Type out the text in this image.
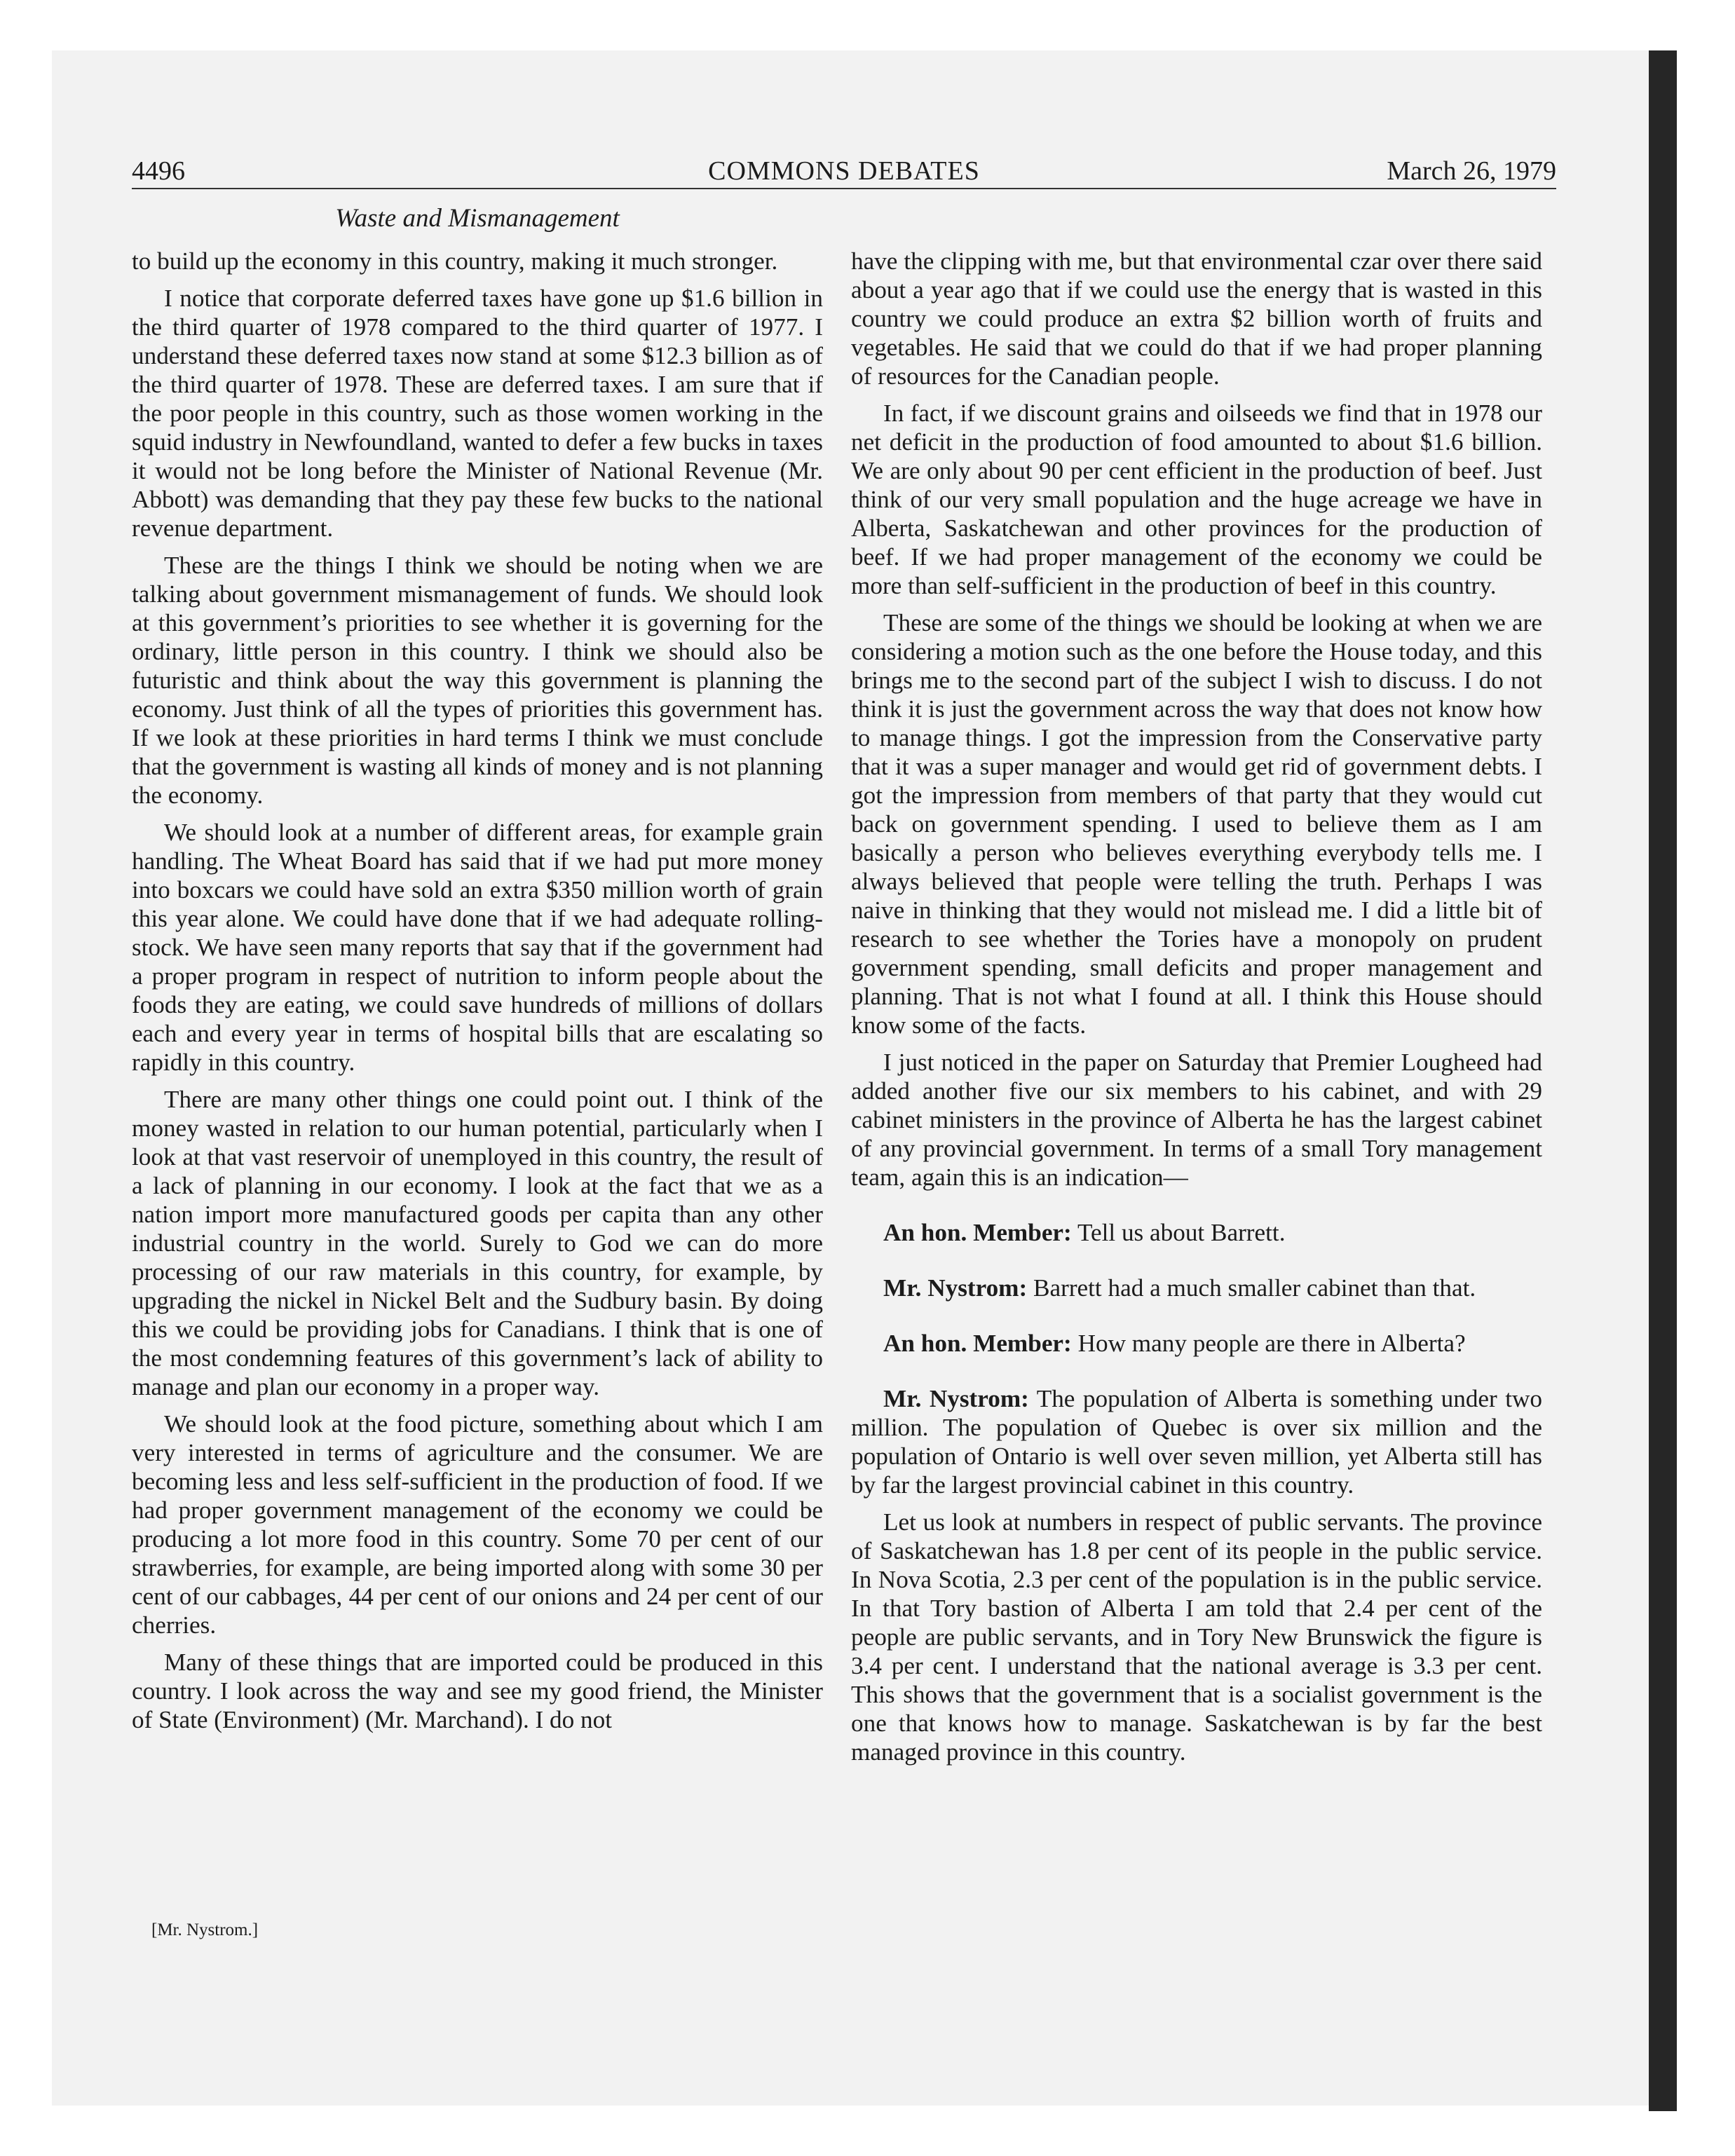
4496	COMMONS DEBATES	March 26, 1979
Waste and Mismanagement

to build up the economy in this country, making it much stronger.

I notice that corporate deferred taxes have gone up $1.6 billion in the third quarter of 1978 compared to the third quarter of 1977. I understand these deferred taxes now stand at some $12.3 billion as of the third quarter of 1978. These are deferred taxes. I am sure that if the poor people in this country, such as those women working in the squid industry in Newfoundland, wanted to defer a few bucks in taxes it would not be long before the Minister of National Revenue (Mr. Abbott) was demanding that they pay these few bucks to the national revenue department.

These are the things I think we should be noting when we are talking about government mismanagement of funds. We should look at this government’s priorities to see whether it is governing for the ordinary, little person in this country. I think we should also be futuristic and think about the way this government is planning the economy. Just think of all the types of priorities this government has. If we look at these priorities in hard terms I think we must conclude that the government is wasting all kinds of money and is not planning the economy.

We should look at a number of different areas, for example grain handling. The Wheat Board has said that if we had put more money into boxcars we could have sold an extra $350 million worth of grain this year alone. We could have done that if we had adequate rolling-stock. We have seen many reports that say that if the government had a proper program in respect of nutrition to inform people about the foods they are eating, we could save hundreds of millions of dollars each and every year in terms of hospital bills that are escalating so rapidly in this country.

There are many other things one could point out. I think of the money wasted in relation to our human potential, particularly when I look at that vast reservoir of unemployed in this country, the result of a lack of planning in our economy. I look at the fact that we as a nation import more manufactured goods per capita than any other industrial country in the world. Surely to God we can do more processing of our raw materials in this country, for example, by upgrading the nickel in Nickel Belt and the Sudbury basin. By doing this we could be providing jobs for Canadians. I think that is one of the most condemning features of this government’s lack of ability to manage and plan our economy in a proper way.

We should look at the food picture, something about which I am very interested in terms of agriculture and the consumer. We are becoming less and less self-sufficient in the production of food. If we had proper government management of the economy we could be producing a lot more food in this country. Some 70 per cent of our strawberries, for example, are being imported along with some 30 per cent of our cabbages, 44 per cent of our onions and 24 per cent of our cherries.

Many of these things that are imported could be produced in this country. I look across the way and see my good friend, the Minister of State (Environment) (Mr. Marchand). I do not

have the clipping with me, but that environmental czar over there said about a year ago that if we could use the energy that is wasted in this country we could produce an extra $2 billion worth of fruits and vegetables. He said that we could do that if we had proper planning of resources for the Canadian people.

In fact, if we discount grains and oilseeds we find that in 1978 our net deficit in the production of food amounted to about $1.6 billion. We are only about 90 per cent efficient in the production of beef. Just think of our very small population and the huge acreage we have in Alberta, Saskatchewan and other provinces for the production of beef. If we had proper management of the economy we could be more than self-sufficient in the production of beef in this country.

These are some of the things we should be looking at when we are considering a motion such as the one before the House today, and this brings me to the second part of the subject I wish to discuss. I do not think it is just the government across the way that does not know how to manage things. I got the impression from the Conservative party that it was a super manager and would get rid of government debts. I got the impression from members of that party that they would cut back on government spending. I used to believe them as I am basically a person who believes everything everybody tells me. I always believed that people were telling the truth. Perhaps I was naive in thinking that they would not mislead me. I did a little bit of research to see whether the Tories have a monopoly on prudent government spending, small deficits and proper management and planning. That is not what I found at all. I think this House should know some of the facts.

I just noticed in the paper on Saturday that Premier Lougheed had added another five our six members to his cabinet, and with 29 cabinet ministers in the province of Alberta he has the largest cabinet of any provincial government. In terms of a small Tory management team, again this is an indication—

An hon. Member: Tell us about Barrett.

Mr. Nystrom: Barrett had a much smaller cabinet than that.

An hon. Member: How many people are there in Alberta?

Mr. Nystrom: The population of Alberta is something under two million. The population of Quebec is over six million and the population of Ontario is well over seven million, yet Alberta still has by far the largest provincial cabinet in this country.

Let us look at numbers in respect of public servants. The province of Saskatchewan has 1.8 per cent of its people in the public service. In Nova Scotia, 2.3 per cent of the population is in the public service. In that Tory bastion of Alberta I am told that 2.4 per cent of the people are public servants, and in Tory New Brunswick the figure is 3.4 per cent. I understand that the national average is 3.3 per cent. This shows that the government that is a socialist government is the one that knows how to manage. Saskatchewan is by far the best managed province in this country.

[Mr. Nystrom.]
